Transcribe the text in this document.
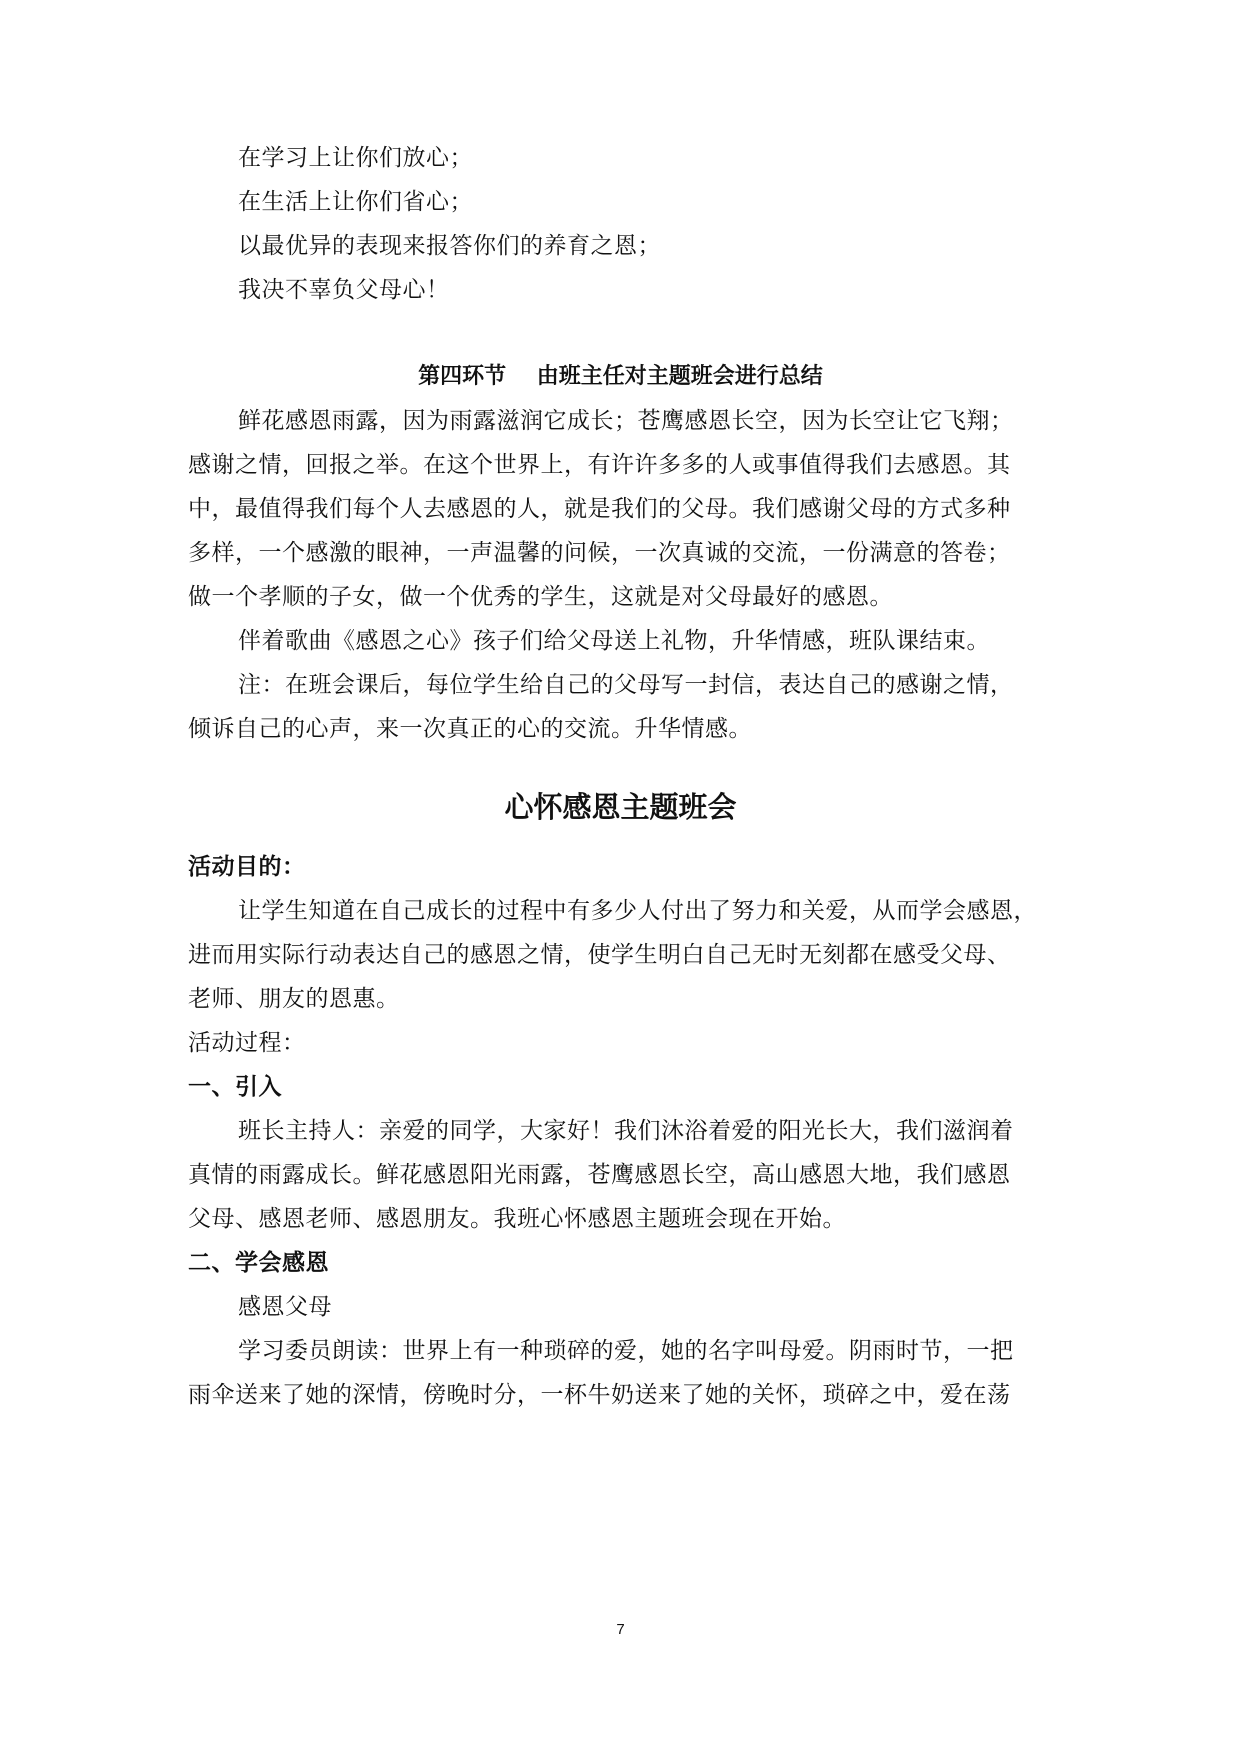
在学习上让你们放心；
在生活上让你们省心；
以最优异的表现来报答你们的养育之恩；
我决不辜负父母心！
第四环节    由班主任对主题班会进行总结
鲜花感恩雨露，因为雨露滋润它成长；苍鹰感恩长空，因为长空让它飞翔；
感谢之情，回报之举。在这个世界上，有许许多多的人或事值得我们去感恩。其
中，最值得我们每个人去感恩的人，就是我们的父母。我们感谢父母的方式多种
多样，一个感激的眼神，一声温馨的问候，一次真诚的交流，一份满意的答卷；
做一个孝顺的子女，做一个优秀的学生，这就是对父母最好的感恩。
伴着歌曲《感恩之心》孩子们给父母送上礼物，升华情感，班队课结束。
注：在班会课后，每位学生给自己的父母写一封信，表达自己的感谢之情，
倾诉自己的心声，来一次真正的心的交流。升华情感。
心怀感恩主题班会
活动目的：
让学生知道在自己成长的过程中有多少人付出了努力和关爱，从而学会感恩，
进而用实际行动表达自己的感恩之情，使学生明白自己无时无刻都在感受父母、
老师、朋友的恩惠。
活动过程：
一、引入
班长主持人：亲爱的同学，大家好！我们沐浴着爱的阳光长大，我们滋润着
真情的雨露成长。鲜花感恩阳光雨露，苍鹰感恩长空，高山感恩大地，我们感恩
父母、感恩老师、感恩朋友。我班心怀感恩主题班会现在开始。
二、学会感恩
感恩父母
学习委员朗读：世界上有一种琐碎的爱，她的名字叫母爱。阴雨时节，一把
雨伞送来了她的深情，傍晚时分，一杯牛奶送来了她的关怀，琐碎之中，爱在荡
7
